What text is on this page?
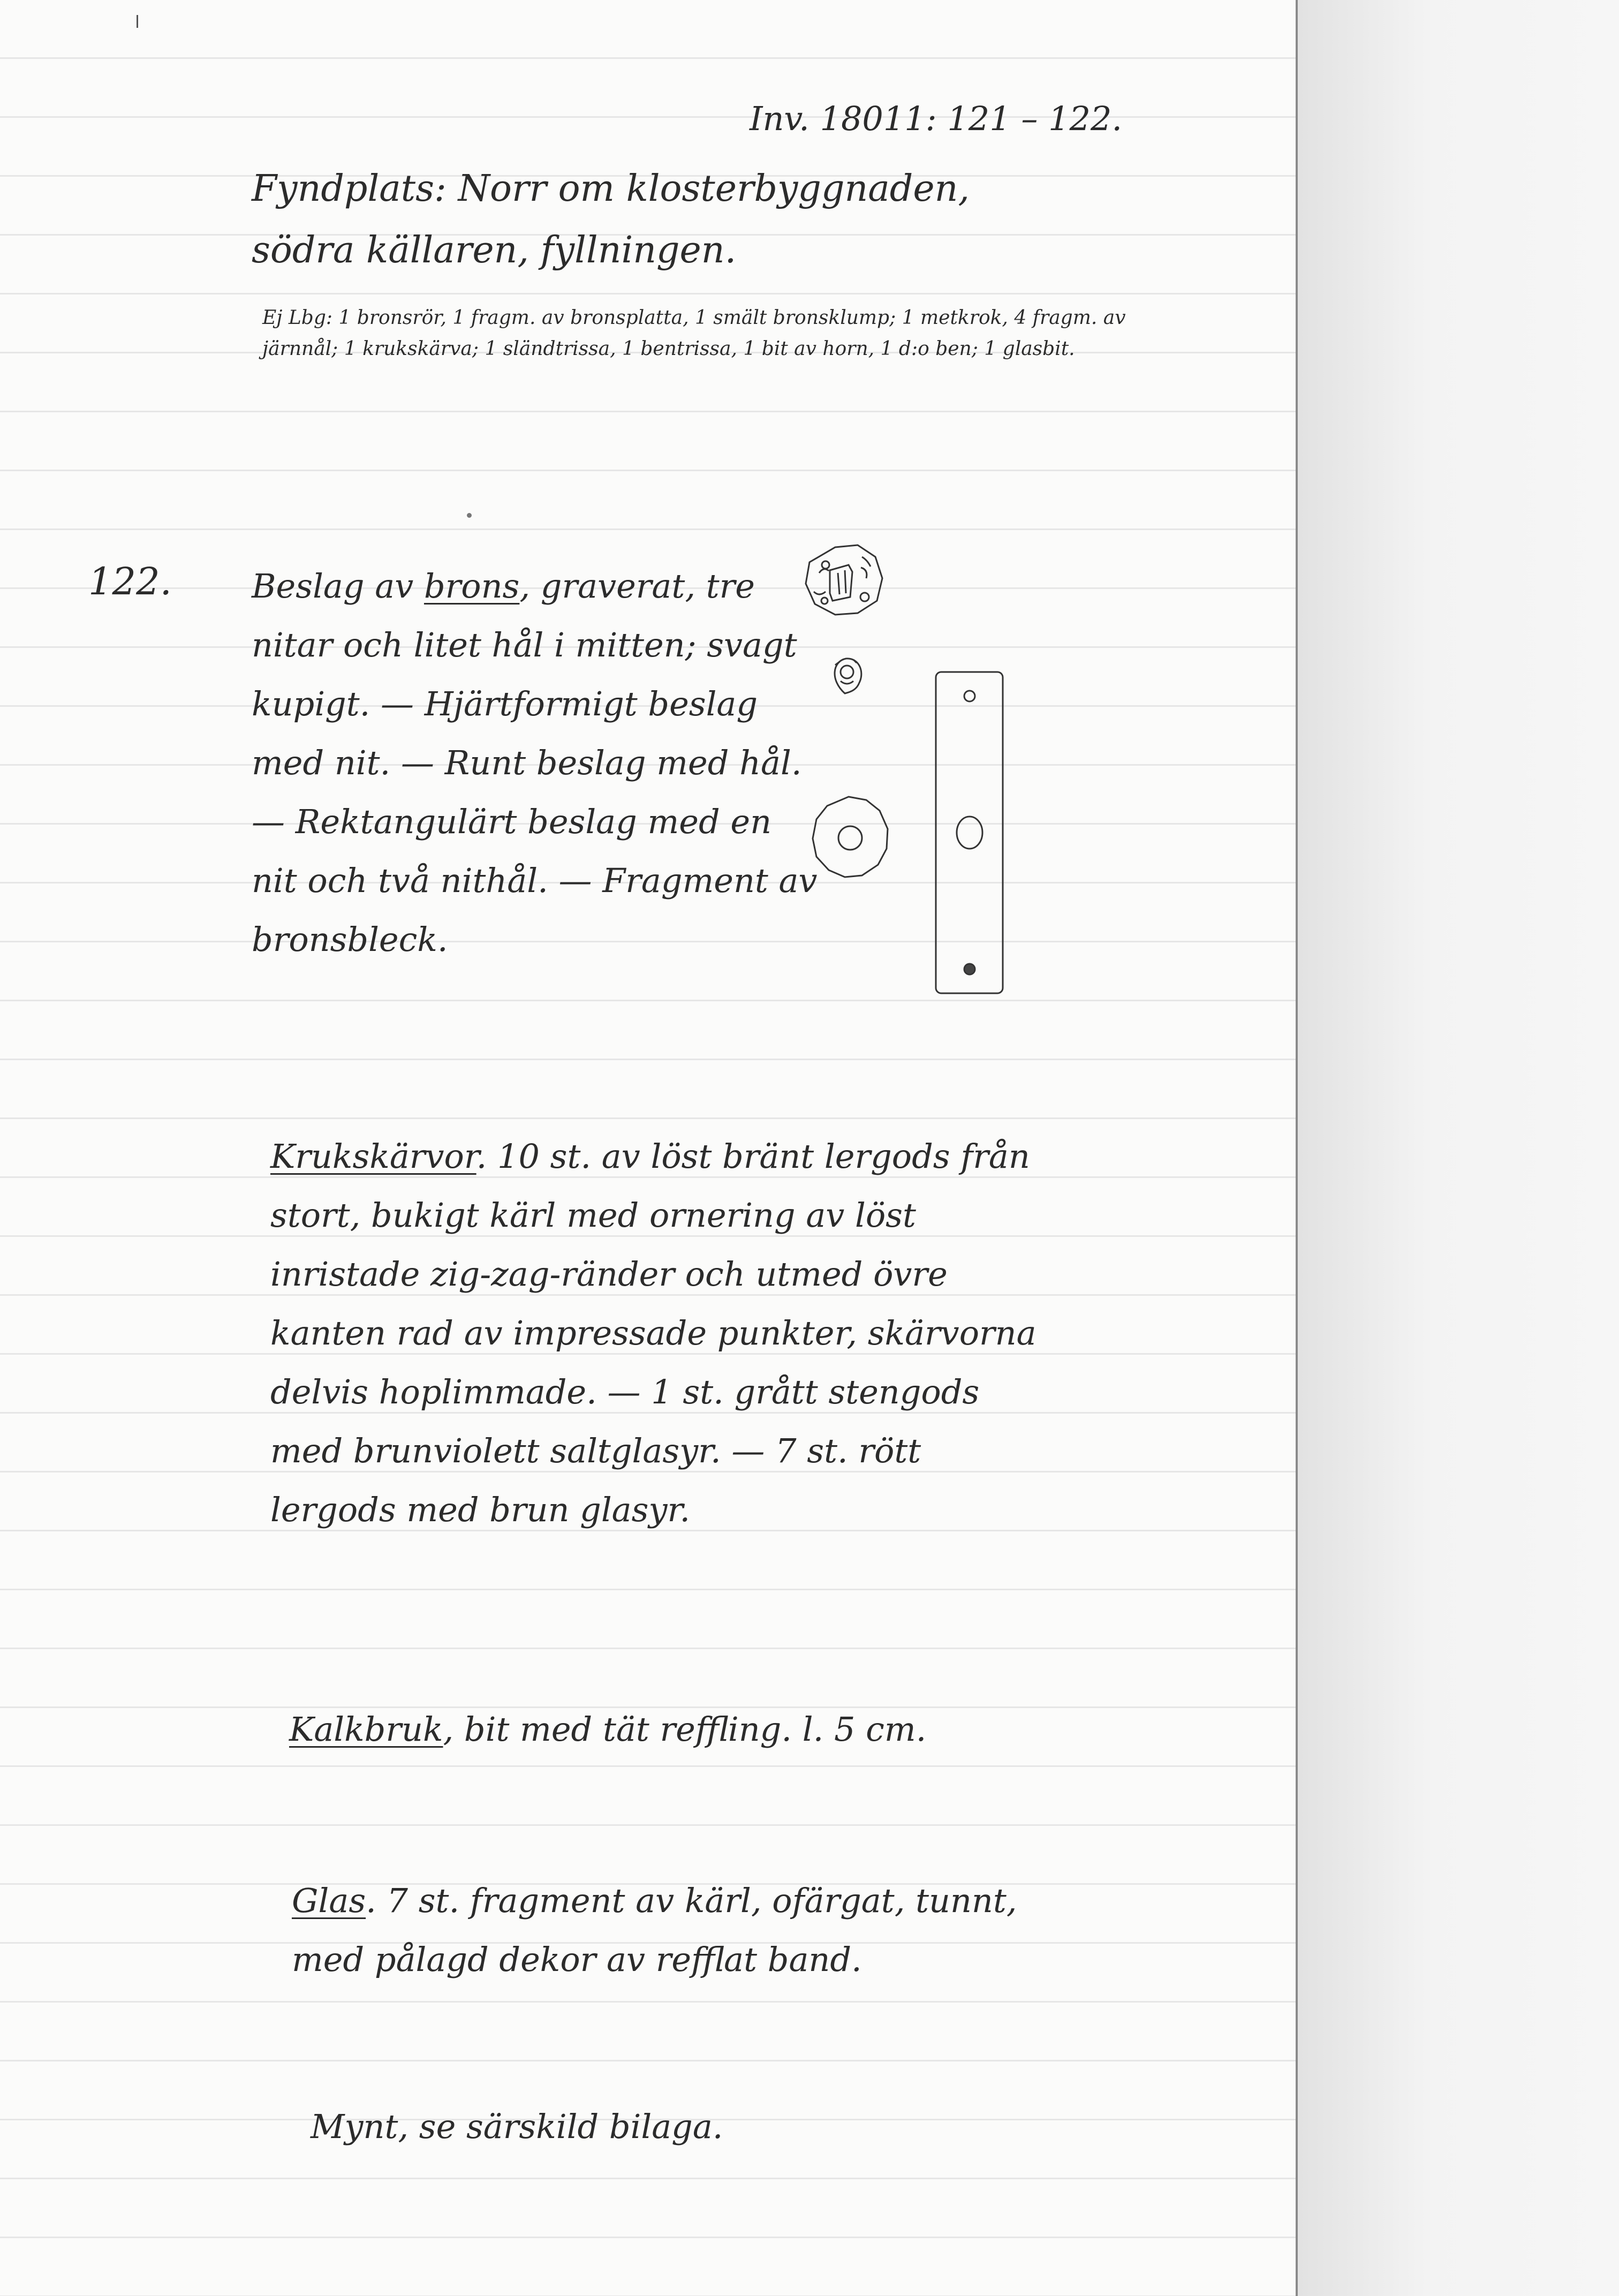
Inv. 18011: 121 – 122.

Fyndplats: Norr om klosterbyggnaden, södra källaren, fyllningen.

Ej Lbg: 1 bronsrör, 1 fragm. av bronsplatta, 1 smält bronsklump; 1 metkrok, 4 fragm. av järnnål; 1 krukskärva; 1 sländtrissa, 1 bentrissa, 1 bit av horn, 1 d:o ben; 1 glasbit.

122. Beslag av brons, graverat, tre nitar och litet hål i mitten; svagt kupigt. — Hjärtformigt beslag med nit. — Runt beslag med hål. — Rektangulärt beslag med en nit och två nithål. — Fragment av bronsbleck.

Krukskärvor. 10 st. av löst bränt lergods från stort, bukigt kärl med ornering av löst inristade zig-zag-ränder och utmed övre kanten rad av impressade punkter, skärvorna delvis hoplimmade. — 1 st. grått stengods med brunviolett saltglasyr. — 7 st. rött lergods med brun glasyr.

Kalkbruk, bit med tät reffling. l. 5 cm.

Glas. 7 st. fragment av kärl, ofärgat, tunnt, med pålagd dekor av refflat band.

Mynt, se särskild bilaga.
